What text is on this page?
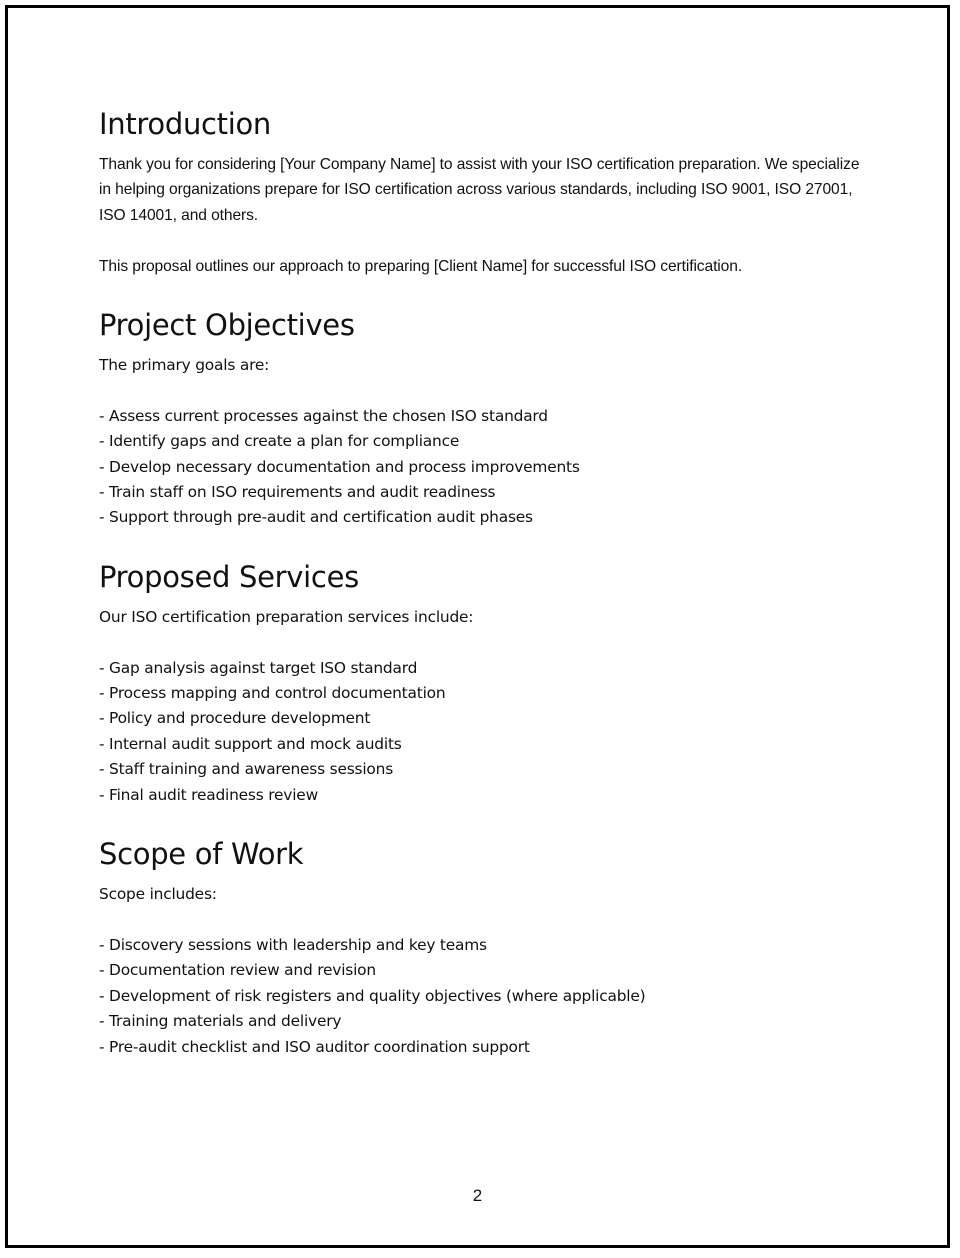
Introduction

Thank you for considering [Your Company Name] to assist with your ISO certification preparation. We specialize in helping organizations prepare for ISO certification across various standards, including ISO 9001, ISO 27001, ISO 14001, and others.

This proposal outlines our approach to preparing [Client Name] for successful ISO certification.

Project Objectives

The primary goals are:

- Assess current processes against the chosen ISO standard
- Identify gaps and create a plan for compliance
- Develop necessary documentation and process improvements
- Train staff on ISO requirements and audit readiness
- Support through pre-audit and certification audit phases
Proposed Services

Our ISO certification preparation services include:

- Gap analysis against target ISO standard
- Process mapping and control documentation
- Policy and procedure development
- Internal audit support and mock audits
- Staff training and awareness sessions
- Final audit readiness review
Scope of Work

Scope includes:

- Discovery sessions with leadership and key teams
- Documentation review and revision
- Development of risk registers and quality objectives (where applicable)
- Training materials and delivery
- Pre-audit checklist and ISO auditor coordination support
2
